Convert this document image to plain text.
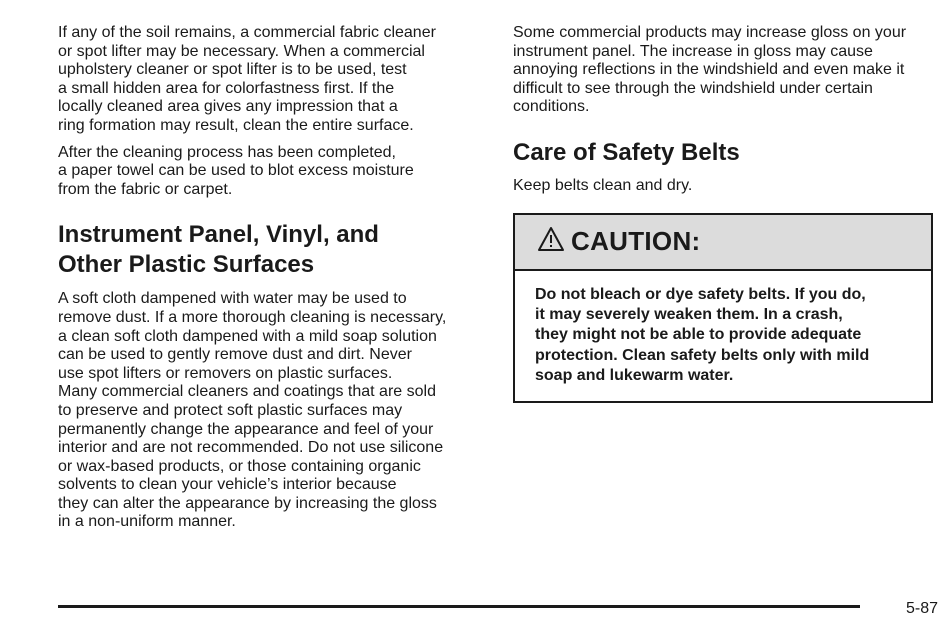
If any of the soil remains, a commercial fabric cleaner
or spot lifter may be necessary. When a commercial
upholstery cleaner or spot lifter is to be used, test
a small hidden area for colorfastness first. If the
locally cleaned area gives any impression that a
ring formation may result, clean the entire surface.

After the cleaning process has been completed,
a paper towel can be used to blot excess moisture
from the fabric or carpet.

Instrument Panel, Vinyl, and
Other Plastic Surfaces

A soft cloth dampened with water may be used to
remove dust. If a more thorough cleaning is necessary,
a clean soft cloth dampened with a mild soap solution
can be used to gently remove dust and dirt. Never
use spot lifters or removers on plastic surfaces.
Many commercial cleaners and coatings that are sold
to preserve and protect soft plastic surfaces may
permanently change the appearance and feel of your
interior and are not recommended. Do not use silicone
or wax-based products, or those containing organic
solvents to clean your vehicle’s interior because
they can alter the appearance by increasing the gloss
in a non-uniform manner.

Some commercial products may increase gloss on your
instrument panel. The increase in gloss may cause
annoying reflections in the windshield and even make it
difficult to see through the windshield under certain
conditions.

Care of Safety Belts

Keep belts clean and dry.

CAUTION:
Do not bleach or dye safety belts. If you do,
it may severely weaken them. In a crash,
they might not be able to provide adequate
protection. Clean safety belts only with mild
soap and lukewarm water.
5-87
